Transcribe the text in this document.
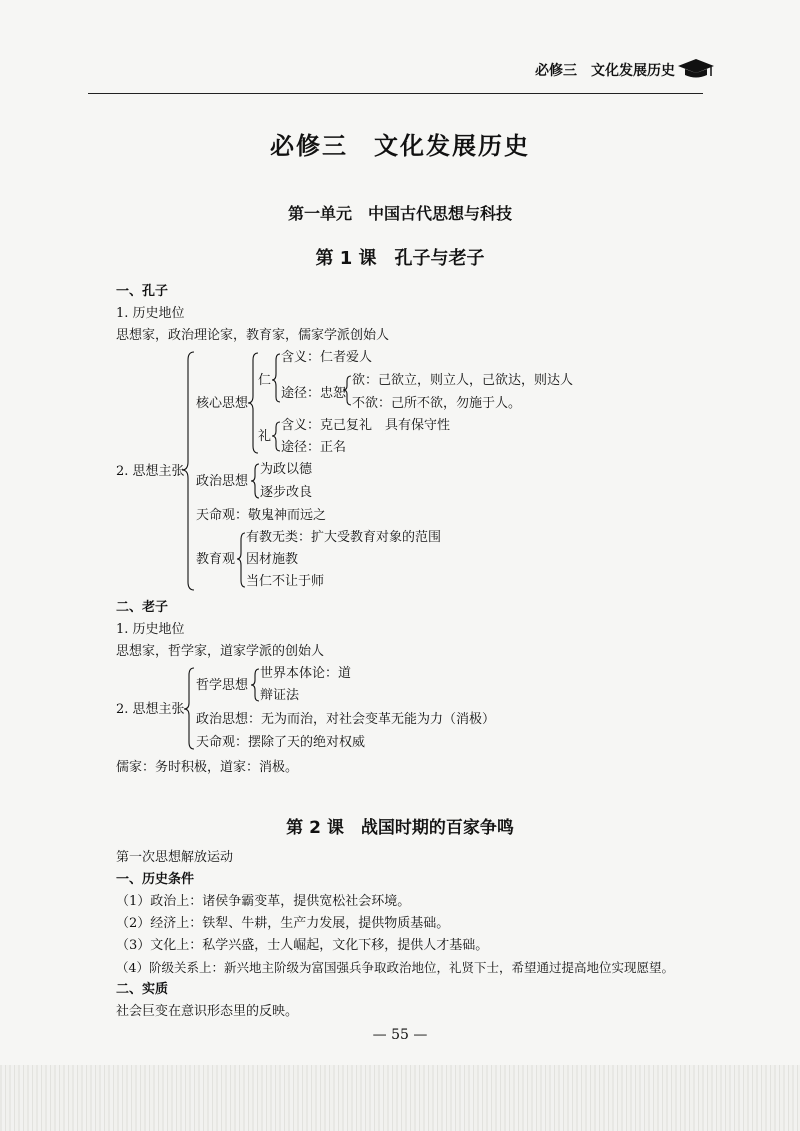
必修三　文化发展历史
必修三　文化发展历史
第一单元　中国古代思想与科技
第 1 课　孔子与老子
一、孔子
1. 历史地位
思想家，政治理论家，教育家，儒家学派创始人
2. 思想主张
核心思想
仁
含义：仁者爱人
途径：忠恕
欲：己欲立，则立人，己欲达，则达人
不欲：己所不欲，勿施于人。
礼
含义：克己复礼　具有保守性
途径：正名
政治思想
为政以德
逐步改良
天命观：敬鬼神而远之
教育观
有教无类：扩大受教育对象的范围
因材施教
当仁不让于师
二、老子
1. 历史地位
思想家，哲学家，道家学派的创始人
2. 思想主张
哲学思想
世界本体论：道
辩证法
政治思想：无为而治，对社会变革无能为力（消极）
天命观：摆除了天的绝对权威
儒家：务时积极，道家：消极。
第 2 课　战国时期的百家争鸣
第一次思想解放运动
一、历史条件
（1）政治上：诸侯争霸变革，提供宽松社会环境。
（2）经济上：铁犁、牛耕，生产力发展，提供物质基础。
（3）文化上：私学兴盛，士人崛起，文化下移，提供人才基础。
（4）阶级关系上：新兴地主阶级为富国强兵争取政治地位，礼贤下士，希望通过提高地位实现愿望。
二、实质
社会巨变在意识形态里的反映。
— 55 —
